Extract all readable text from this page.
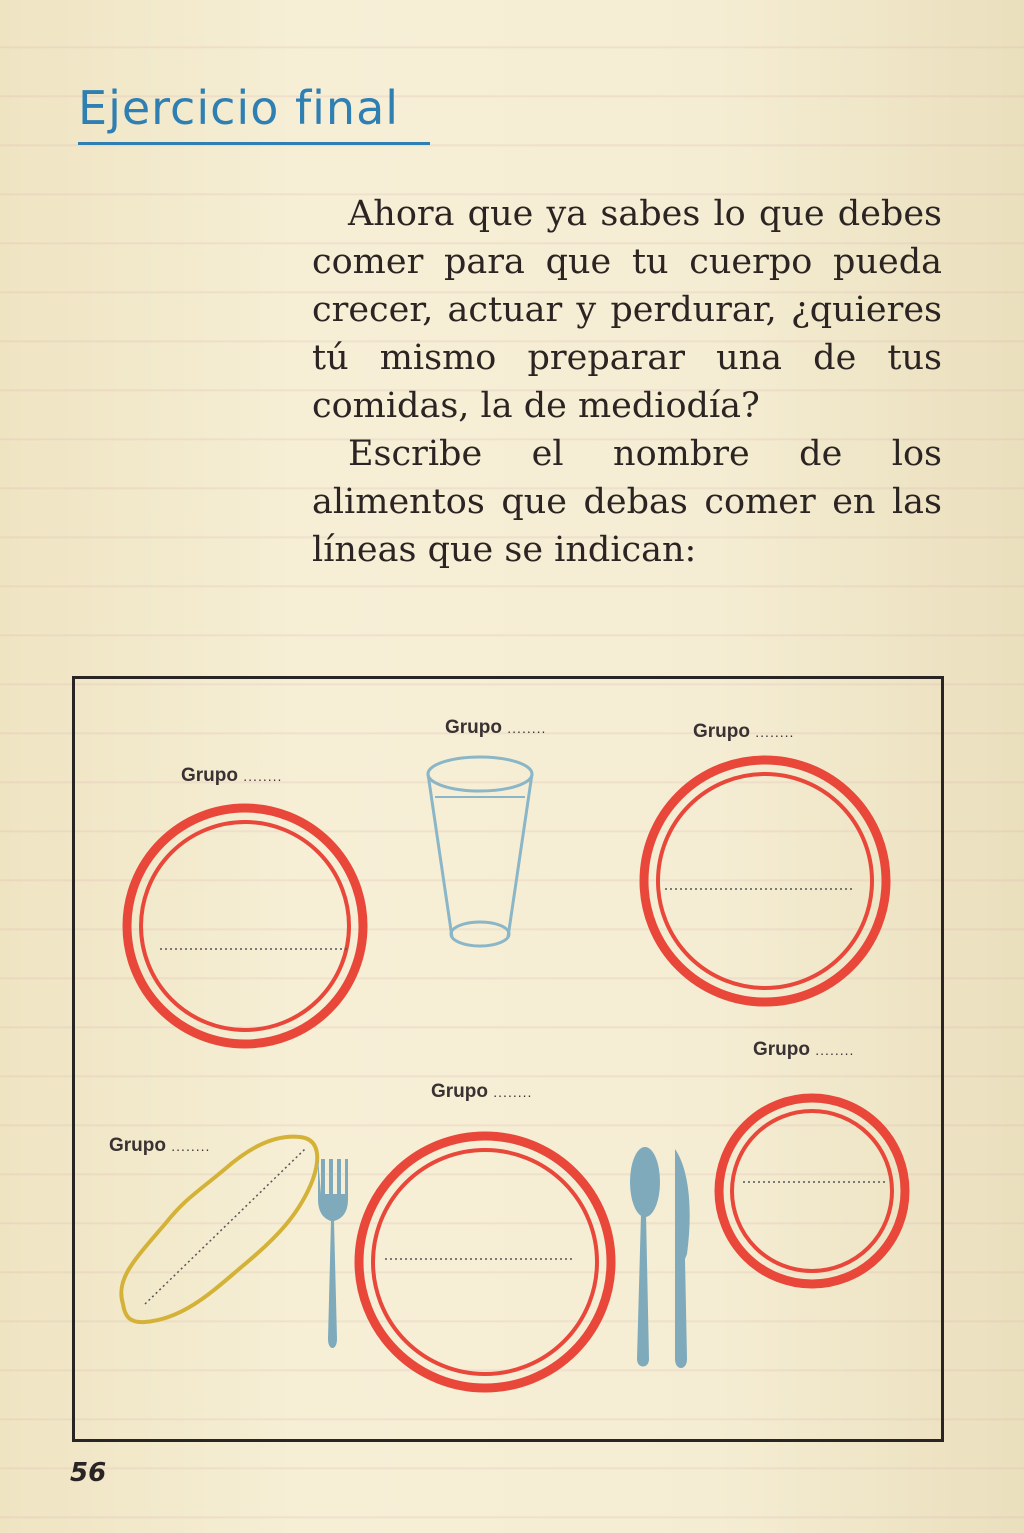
Ejercicio final

Ahora que ya sabes lo que debes comer para que tu cuerpo pueda crecer, actuar y perdurar, ¿quieres tú mismo preparar una de tus comidas, la de mediodía?

Escribe el nombre de los alimentos que debas comer en las líneas que se indican:

Grupo ........
Grupo ........	Grupo ........
Grupo ........
Grupo ........
Grupo ........
56
